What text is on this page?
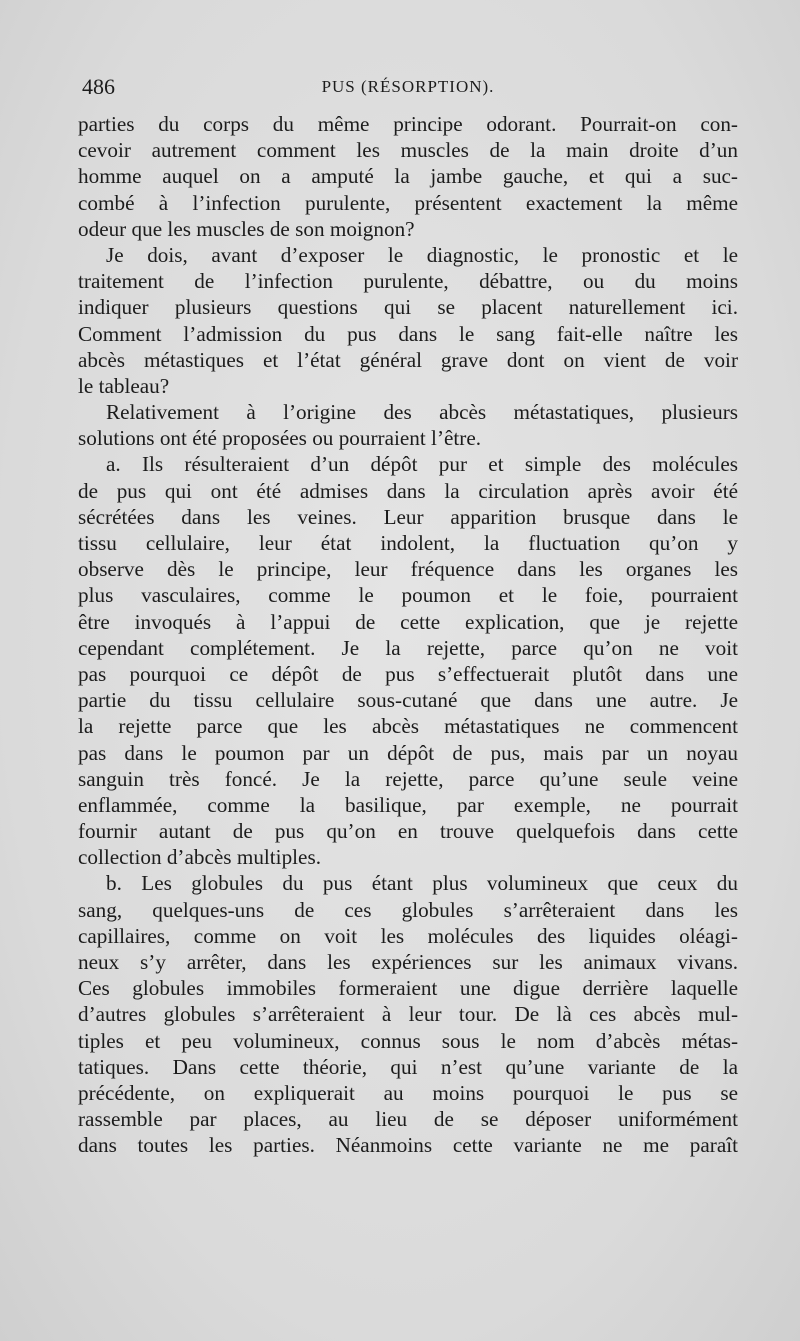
486	PUS (RÉSORPTION).
parties du corps du même principe odorant. Pourrait-on con-
cevoir autrement comment les muscles de la main droite d’un
homme auquel on a amputé la jambe gauche, et qui a suc-
combé à l’infection purulente, présentent exactement la même
odeur que les muscles de son moignon?
Je dois, avant d’exposer le diagnostic, le pronostic et le
traitement de l’infection purulente, débattre, ou du moins
indiquer plusieurs questions qui se placent naturellement ici.
Comment l’admission du pus dans le sang fait-elle naître les
abcès métastiques et l’état général grave dont on vient de voir
le tableau?
Relativement à l’origine des abcès métastatiques, plusieurs
solutions ont été proposées ou pourraient l’être.
a. Ils résulteraient d’un dépôt pur et simple des molécules
de pus qui ont été admises dans la circulation après avoir été
sécrétées dans les veines. Leur apparition brusque dans le
tissu cellulaire, leur état indolent, la fluctuation qu’on y
observe dès le principe, leur fréquence dans les organes les
plus vasculaires, comme le poumon et le foie, pourraient
être invoqués à l’appui de cette explication, que je rejette
cependant complétement. Je la rejette, parce qu’on ne voit
pas pourquoi ce dépôt de pus s’effectuerait plutôt dans une
partie du tissu cellulaire sous-cutané que dans une autre. Je
la rejette parce que les abcès métastatiques ne commencent
pas dans le poumon par un dépôt de pus, mais par un noyau
sanguin très foncé. Je la rejette, parce qu’une seule veine
enflammée, comme la basilique, par exemple, ne pourrait
fournir autant de pus qu’on en trouve quelquefois dans cette
collection d’abcès multiples.
b. Les globules du pus étant plus volumineux que ceux du
sang, quelques-uns de ces globules s’arrêteraient dans les
capillaires, comme on voit les molécules des liquides oléagi-
neux s’y arrêter, dans les expériences sur les animaux vivans.
Ces globules immobiles formeraient une digue derrière laquelle
d’autres globules s’arrêteraient à leur tour. De là ces abcès mul-
tiples et peu volumineux, connus sous le nom d’abcès métas-
tatiques. Dans cette théorie, qui n’est qu’une variante de la
précédente, on expliquerait au moins pourquoi le pus se
rassemble par places, au lieu de se déposer uniformément
dans toutes les parties. Néanmoins cette variante ne me paraît
